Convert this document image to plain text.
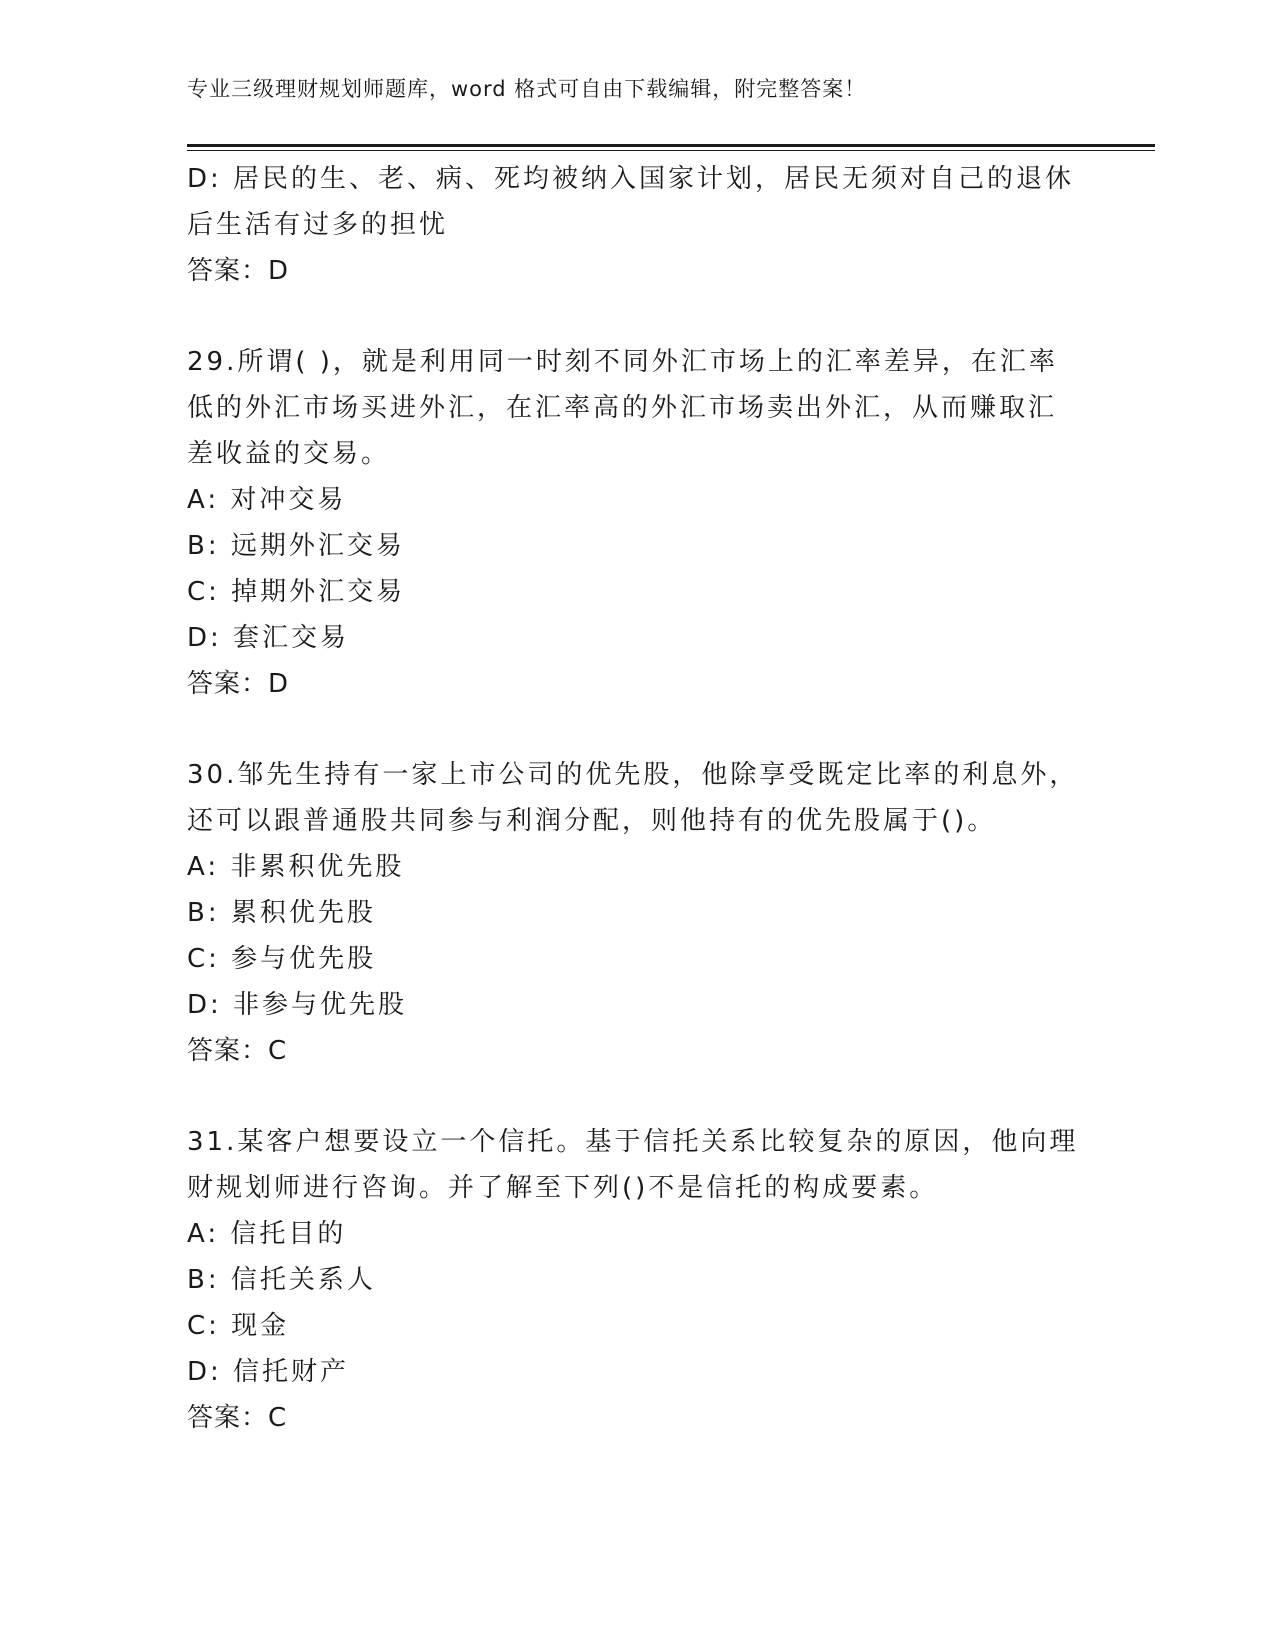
专业三级理财规划师题库，word 格式可自由下载编辑，附完整答案！

D: 居民的生、老、病、死均被纳入国家计划，居民无须对自己的退休

后生活有过多的担忧

答案：D

29.所谓( )，就是利用同一时刻不同外汇市场上的汇率差异，在汇率

低的外汇市场买进外汇，在汇率高的外汇市场卖出外汇，从而赚取汇

差收益的交易。

A: 对冲交易

B: 远期外汇交易

C: 掉期外汇交易

D: 套汇交易

答案：D

30.邹先生持有一家上市公司的优先股，他除享受既定比率的利息外，

还可以跟普通股共同参与利润分配，则他持有的优先股属于()。

A: 非累积优先股

B: 累积优先股

C: 参与优先股

D: 非参与优先股

答案：C

31.某客户想要设立一个信托。基于信托关系比较复杂的原因，他向理

财规划师进行咨询。并了解至下列()不是信托的构成要素。

A: 信托目的

B: 信托关系人

C: 现金

D: 信托财产

答案：C
